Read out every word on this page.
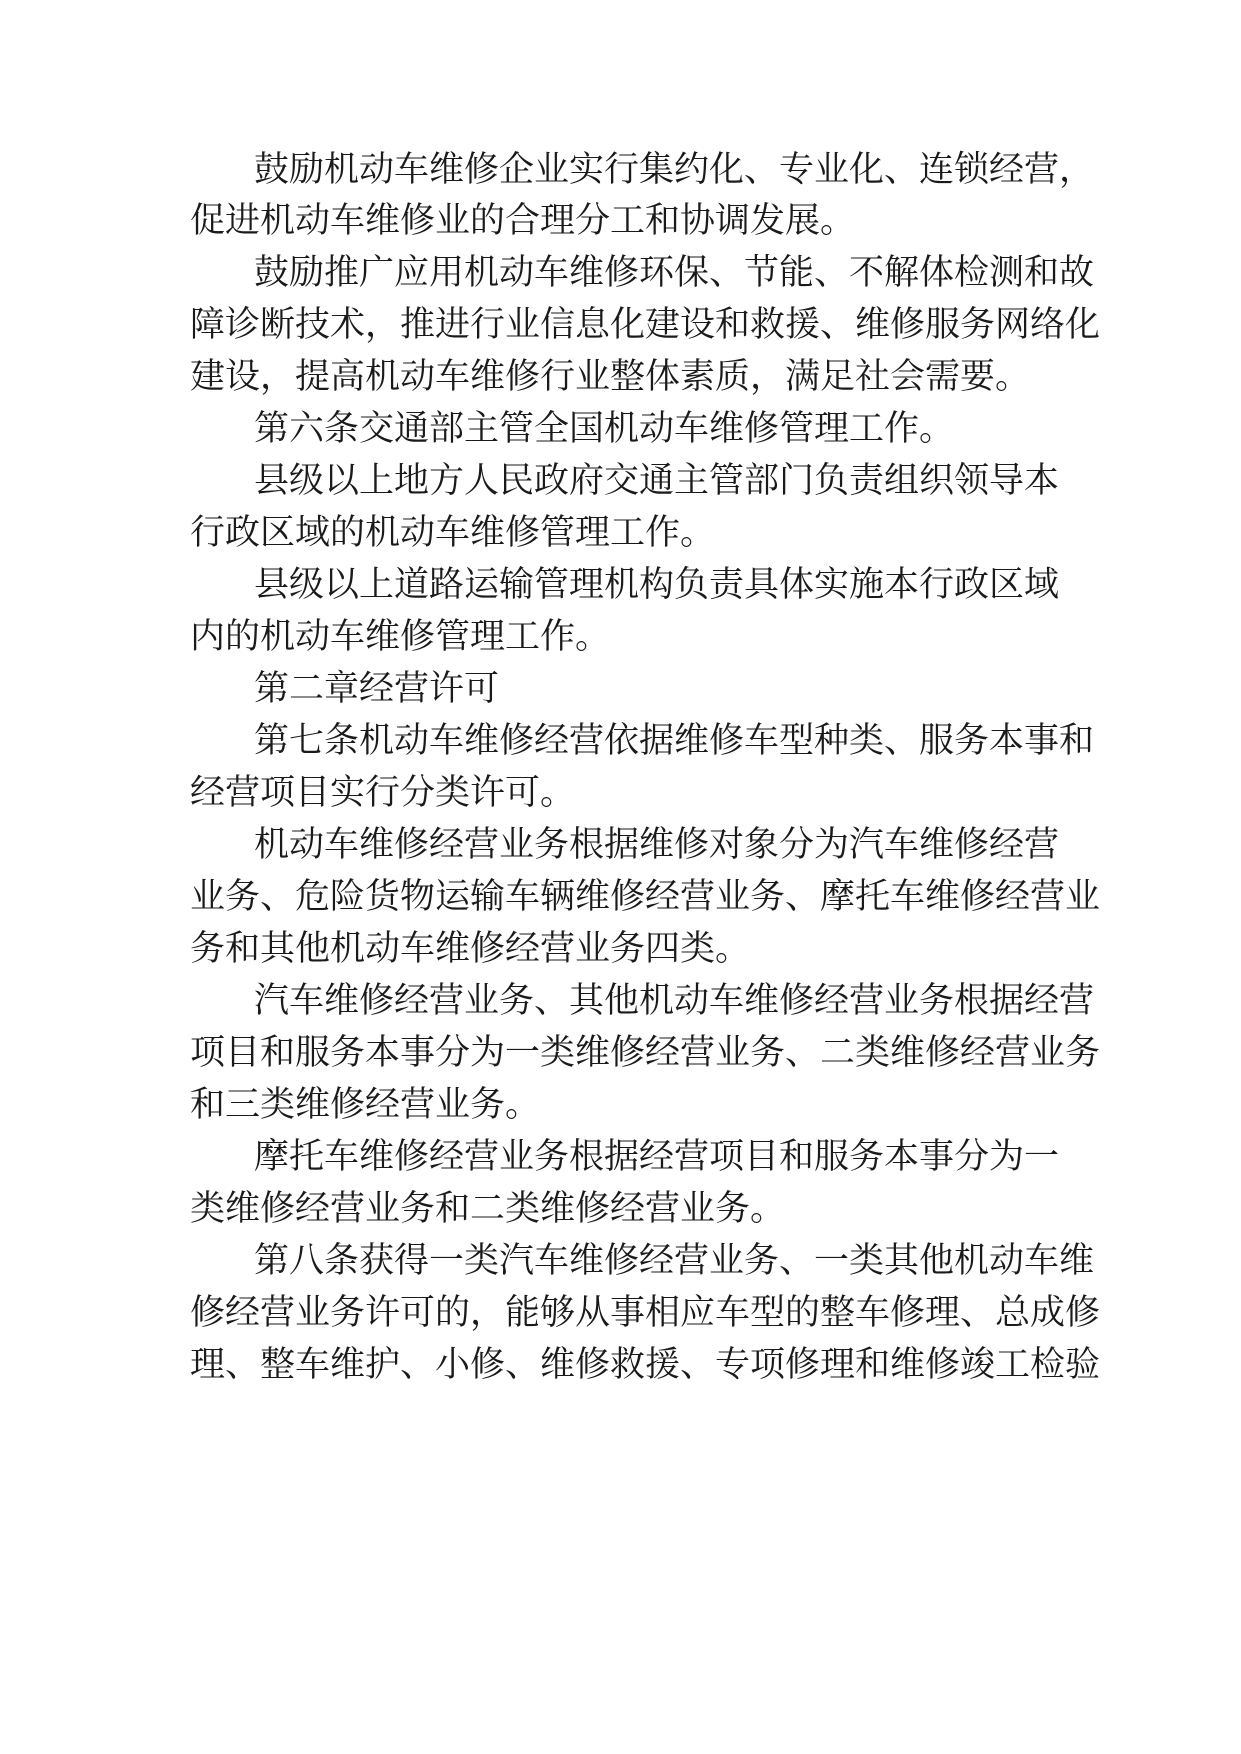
鼓励机动车维修企业实行集约化、专业化、连锁经营，
促进机动车维修业的合理分工和协调发展。
鼓励推广应用机动车维修环保、节能、不解体检测和故
障诊断技术，推进行业信息化建设和救援、维修服务网络化
建设，提高机动车维修行业整体素质，满足社会需要。
第六条交通部主管全国机动车维修管理工作。
县级以上地方人民政府交通主管部门负责组织领导本
行政区域的机动车维修管理工作。
县级以上道路运输管理机构负责具体实施本行政区域
内的机动车维修管理工作。
第二章经营许可
第七条机动车维修经营依据维修车型种类、服务本事和
经营项目实行分类许可。
机动车维修经营业务根据维修对象分为汽车维修经营
业务、危险货物运输车辆维修经营业务、摩托车维修经营业
务和其他机动车维修经营业务四类。
汽车维修经营业务、其他机动车维修经营业务根据经营
项目和服务本事分为一类维修经营业务、二类维修经营业务
和三类维修经营业务。
摩托车维修经营业务根据经营项目和服务本事分为一
类维修经营业务和二类维修经营业务。
第八条获得一类汽车维修经营业务、一类其他机动车维
修经营业务许可的，能够从事相应车型的整车修理、总成修
理、整车维护、小修、维修救援、专项修理和维修竣工检验
